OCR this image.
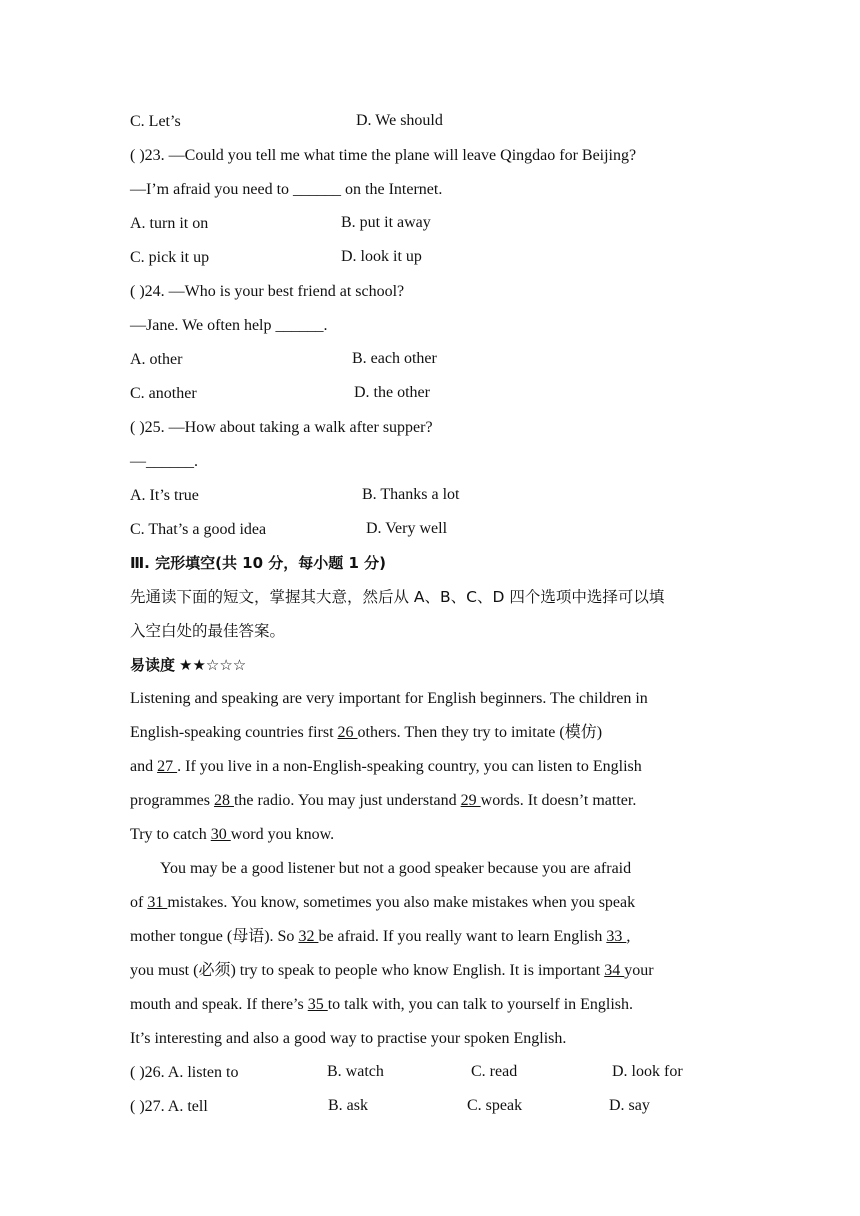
C. Let’s	D. We should
( )23. —Could you tell me what time the plane will leave Qingdao for Beijing?
—I’m afraid you need to ______ on the Internet.
A. turn it on	B. put it away
C. pick it up	D. look it up
( )24. —Who is your best friend at school?
—Jane. We often help ______.
A. other	B. each other
C. another	D. the other
( )25. —How about taking a walk after supper?
—______.
A. It’s true	B. Thanks a lot
C. That’s a good idea	D. Very well
Ⅲ. 完形填空(共 10 分，每小题 1 分)
先通读下面的短文，掌握其大意，然后从 A、B、C、D 四个选项中选择可以填
入空白处的最佳答案。
易读度 ★★☆☆☆
Listening and speaking are very important for English beginners. The children in
English-speaking countries first 26 others. Then they try to imitate (模仿)
and 27 . If you live in a non-English-speaking country, you can listen to English
programmes 28 the radio. You may just understand 29 words. It doesn’t matter.
Try to catch 30 word you know.
You may be a good listener but not a good speaker because you are afraid
of 31 mistakes. You know, sometimes you also make mistakes when you speak
mother tongue (母语). So 32 be afraid. If you really want to learn English 33 ,
you must (必须) try to speak to people who know English. It is important 34 your
mouth and speak. If there’s 35 to talk with, you can talk to yourself in English.
It’s interesting and also a good way to practise your spoken English.
( )26. A. listen to	B. watch	C. read	D. look for
( )27. A. tell	B. ask	C. speak	D. say
